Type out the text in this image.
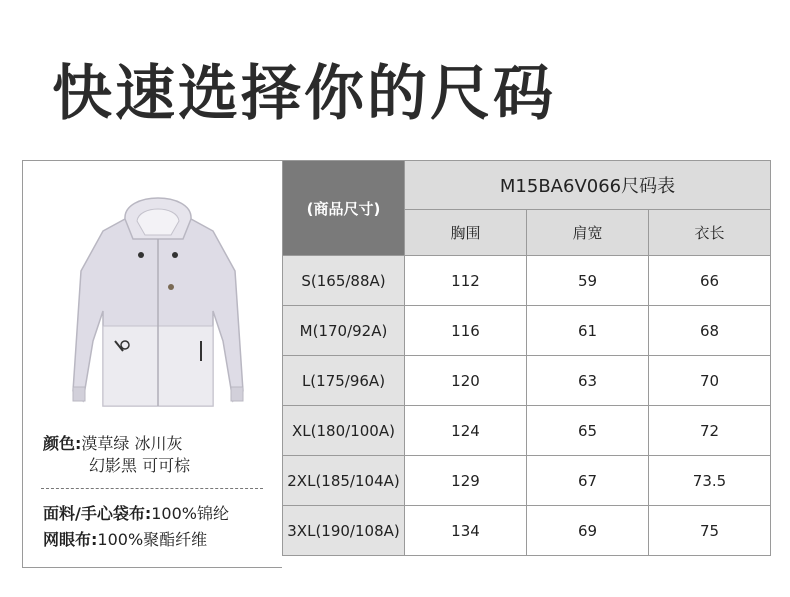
快速选择你的尺码
颜色:漠草绿 冰川灰
幻影黑 可可棕
面料/手心袋布:100%锦纶
网眼布:100%聚酯纤维
(商品尺寸)	M15BA6V066尺码表		
	胸围	肩宽	衣长
S(165/88A)	112	59	66
M(170/92A)	116	61	68
L(175/96A)	120	63	70
XL(180/100A)	124	65	72
2XL(185/104A)	129	67	73.5
3XL(190/108A)	134	69	75
